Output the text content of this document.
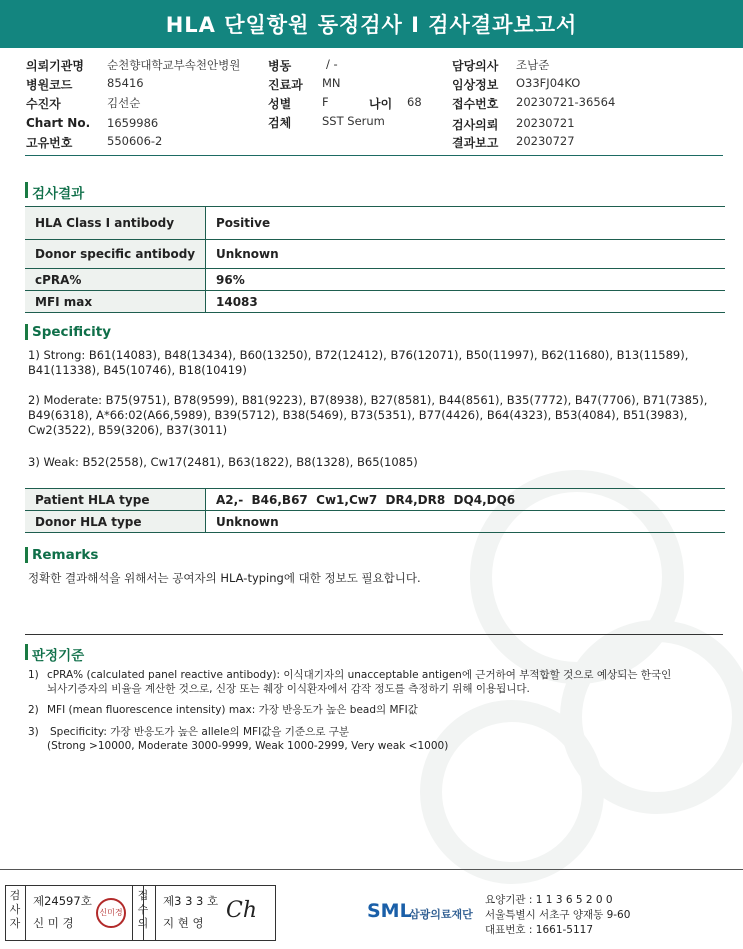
HLA 단일항원 동정검사 I 검사결과보고서
의뢰기관명 순천향대학교부속천안병원
병원코드	85416
수진자	김선순
Chart No. 1659986
고유번호	550606-2
병동	/ -
진료과 MN
성별	F	나이 68
검체	SST Serum
담당의사 조남준
임상정보 O33FJ04KO
접수번호 20230721-36564
검사의뢰 20230721
결과보고 20230727
검사결과
HLA Class I antibody	Positive
Donor specific antibody	Unknown
cPRA%	96%
MFI max	14083
Specificity
1) Strong: B61(14083), B48(13434), B60(13250), B72(12412), B76(12071), B50(11997), B62(11680), B13(11589), B41(11338), B45(10746), B18(10419)
2) Moderate: B75(9751), B78(9599), B81(9223), B7(8938), B27(8581), B44(8561), B35(7772), B47(7706), B71(7385), B49(6318), A*66:02(A66,5989), B39(5712), B38(5469), B73(5351), B77(4426), B64(4323), B53(4084), B51(3983), Cw2(3522), B59(3206), B37(3011)
3) Weak: B52(2558), Cw17(2481), B63(1822), B8(1328), B65(1085)
Patient HLA type	A2,-  B46,B67  Cw1,Cw7  DR4,DR8  DQ4,DQ6
Donor HLA type	Unknown
Remarks
정확한 결과해석을 위해서는 공여자의 HLA-typing에 대한 정보도 필요합니다.
판정기준
1) cPRA% (calculated panel reactive antibody): 이식대기자의 unacceptable antigen에 근거하여 부적합할 것으로 예상되는 한국인
뇌사기증자의 비율을 계산한 것으로, 신장 또는 췌장 이식환자에서 감작 정도를 측정하기 위해 이용됩니다.
2) MFI (mean fluorescence intensity) max: 가장 반응도가 높은 bead의 MFI값
3) Specificity: 가장 반응도가 높은 allele의 MFI값을 기준으로 구분
(Strong >10000, Moderate 3000-9999, Weak 1000-2999, Very weak <1000)
검사자
제24597호
신 미 경
신미경
접수의
제3 3 3 호
지 현 영 Ch	SML
삼광의료재단
요양기관 : 1 1 3 6 5 2 0 0
서울특별시 서초구 양재동 9-60
대표번호 : 1661-5117
